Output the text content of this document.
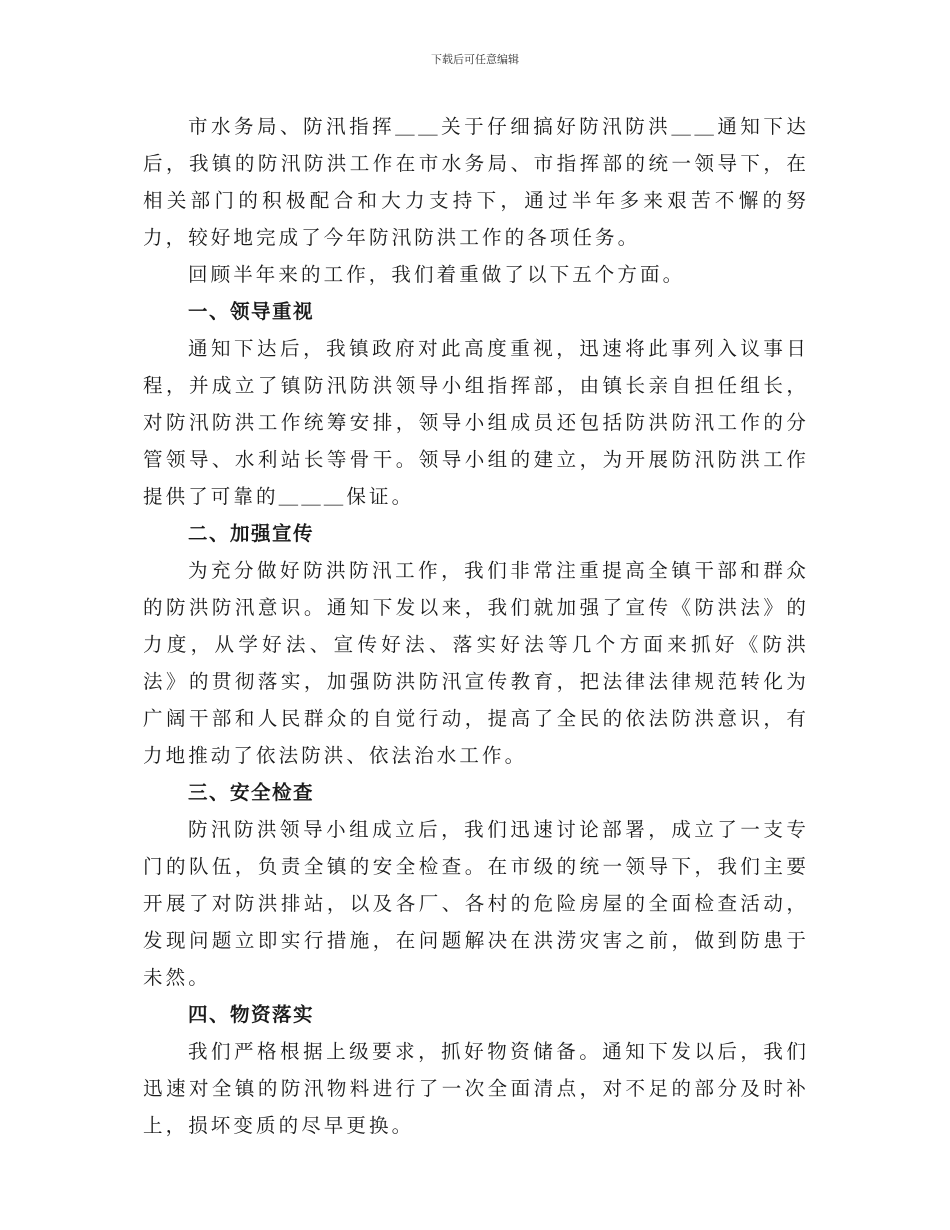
下载后可任意编辑

市水务局、防汛指挥＿＿关于仔细搞好防汛防洪＿＿通知下达后，我镇的防汛防洪工作在市水务局、市指挥部的统一领导下，在相关部门的积极配合和大力支持下，通过半年多来艰苦不懈的努力，较好地完成了今年防汛防洪工作的各项任务。

回顾半年来的工作，我们着重做了以下五个方面。

一、领导重视

通知下达后，我镇政府对此高度重视，迅速将此事列入议事日程，并成立了镇防汛防洪领导小组指挥部，由镇长亲自担任组长，对防汛防洪工作统筹安排，领导小组成员还包括防洪防汛工作的分管领导、水利站长等骨干。领导小组的建立，为开展防汛防洪工作提供了可靠的＿＿＿保证。

二、加强宣传

为充分做好防洪防汛工作，我们非常注重提高全镇干部和群众的防洪防汛意识。通知下发以来，我们就加强了宣传《防洪法》的力度，从学好法、宣传好法、落实好法等几个方面来抓好《防洪法》的贯彻落实，加强防洪防汛宣传教育，把法律法律规范转化为广阔干部和人民群众的自觉行动，提高了全民的依法防洪意识，有力地推动了依法防洪、依法治水工作。

三、安全检查

防汛防洪领导小组成立后，我们迅速讨论部署，成立了一支专门的队伍，负责全镇的安全检查。在市级的统一领导下，我们主要开展了对防洪排站，以及各厂、各村的危险房屋的全面检查活动，发现问题立即实行措施，在问题解决在洪涝灾害之前，做到防患于未然。

四、物资落实

我们严格根据上级要求，抓好物资储备。通知下发以后，我们迅速对全镇的防汛物料进行了一次全面清点，对不足的部分及时补上，损坏变质的尽早更换。
